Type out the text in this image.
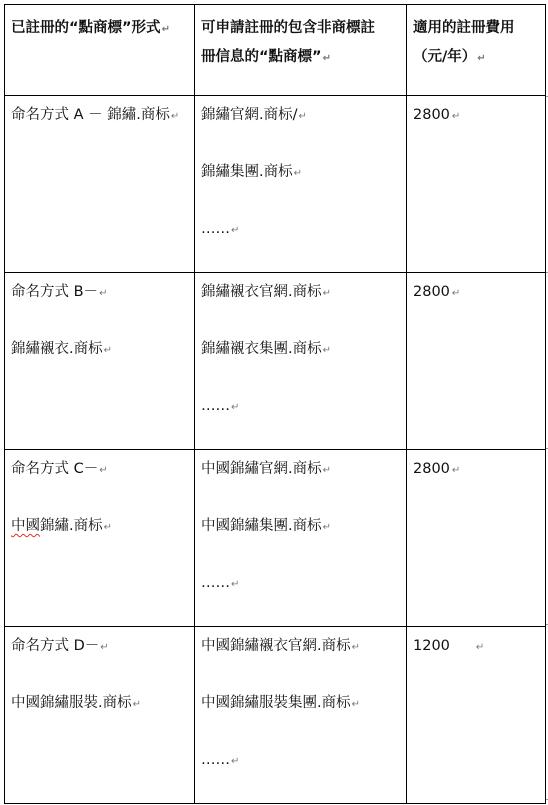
已註冊的“點商標”形式↵	可申請註冊的包含非商標註
冊信息的“點商標”↵	適用的註冊費用
（元/年）↵

命名方式 A － 錦繡.商标↵	錦繡官網.商标/↵
錦繡集團.商标↵
……↵	2800 ↵

命名方式 B－↵
錦繡襯衣.商标↵	錦繡襯衣官網.商标↵
錦繡襯衣集團.商标↵
……↵	2800 ↵

命名方式 C－↵
中國錦繡.商标↵	中國錦繡官網.商标↵
中國錦繡集團.商标↵
……↵	2800 ↵

命名方式 D－↵
中國錦繡服裝.商标↵	中國錦繡襯衣官網.商标↵
中國錦繡服裝集團.商标↵
……↵	1200 ↵
